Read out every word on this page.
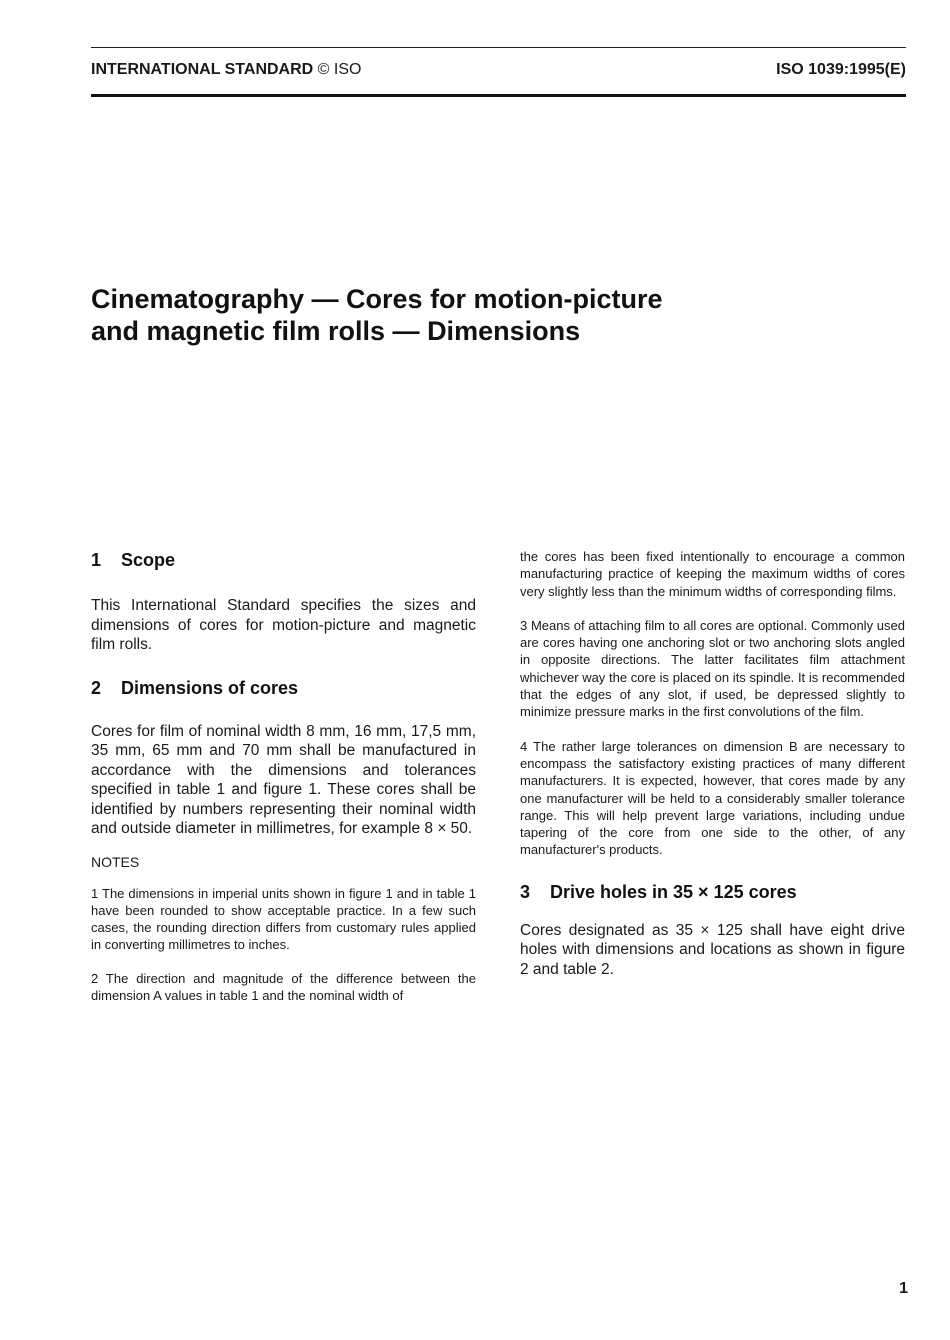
INTERNATIONAL STANDARD © ISO	ISO 1039:1995(E)
Cinematography — Cores for motion-picture
and magnetic film rolls — Dimensions
1 Scope

This International Standard specifies the sizes and dimensions of cores for motion-picture and magnetic film rolls.

2 Dimensions of cores

Cores for film of nominal width 8 mm, 16 mm, 17,5 mm, 35 mm, 65 mm and 70 mm shall be manufactured in accordance with the dimensions and tolerances specified in table 1 and figure 1. These cores shall be identified by numbers representing their nominal width and outside diameter in millimetres, for example 8 × 50.

NOTES

1 The dimensions in imperial units shown in figure 1 and in table 1 have been rounded to show acceptable practice. In a few such cases, the rounding direction differs from customary rules applied in converting millimetres to inches.

2 The direction and magnitude of the difference between the dimension A values in table 1 and the nominal width of

the cores has been fixed intentionally to encourage a common manufacturing practice of keeping the maximum widths of cores very slightly less than the minimum widths of corresponding films.

3 Means of attaching film to all cores are optional. Commonly used are cores having one anchoring slot or two anchoring slots angled in opposite directions. The latter facilitates film attachment whichever way the core is placed on its spindle. It is recommended that the edges of any slot, if used, be depressed slightly to minimize pressure marks in the first convolutions of the film.

4 The rather large tolerances on dimension B are necessary to encompass the satisfactory existing practices of many different manufacturers. It is expected, however, that cores made by any one manufacturer will be held to a considerably smaller tolerance range. This will help prevent large variations, including undue tapering of the core from one side to the other, of any manufacturer's products.

3 Drive holes in 35 × 125 cores

Cores designated as 35 × 125 shall have eight drive holes with dimensions and locations as shown in figure 2 and table 2.

1
